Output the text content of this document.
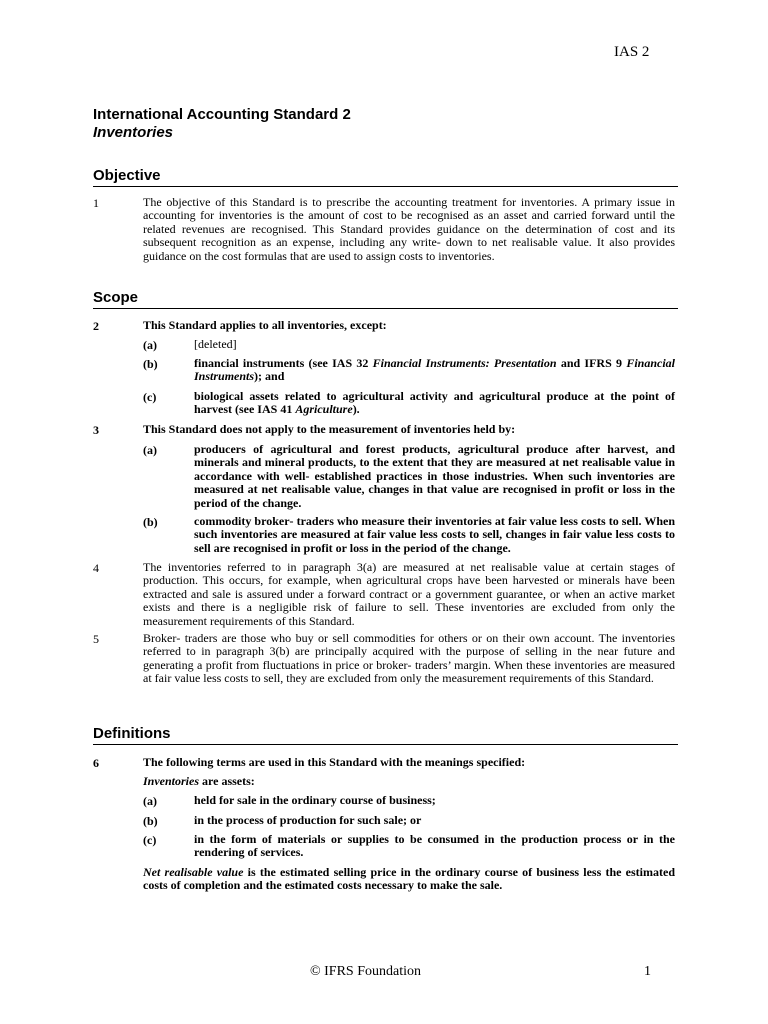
IAS 2
International Accounting Standard 2
Inventories
Objective
1	The objective of this Standard is to prescribe the accounting treatment for inventories. A primary issue in accounting for inventories is the amount of cost to be recognised as an asset and carried forward until the related revenues are recognised. This Standard provides guidance on the determination of cost and its subsequent recognition as an expense, including any write‑ down to net realisable value. It also provides guidance on the cost formulas that are used to assign costs to inventories.
Scope
2	This Standard applies to all inventories, except:
(a)	[deleted]
(b)	financial instruments (see IAS 32 Financial Instruments: Presentation and IFRS 9 Financial Instruments); and
(c)	biological assets related to agricultural activity and agricultural produce at the point of harvest (see IAS 41 Agriculture).
3	This Standard does not apply to the measurement of inventories held by:
(a)	producers of agricultural and forest products, agricultural produce after harvest, and minerals and mineral products, to the extent that they are measured at net realisable value in accordance with well‑ established practices in those industries. When such inventories are measured at net realisable value, changes in that value are recognised in profit or loss in the period of the change.
(b)	commodity broker‑ traders who measure their inventories at fair value less costs to sell. When such inventories are measured at fair value less costs to sell, changes in fair value less costs to sell are recognised in profit or loss in the period of the change.
4	The inventories referred to in paragraph 3(a) are measured at net realisable value at certain stages of production. This occurs, for example, when agricultural crops have been harvested or minerals have been extracted and sale is assured under a forward contract or a government guarantee, or when an active market exists and there is a negligible risk of failure to sell. These inventories are excluded from only the measurement requirements of this Standard.
5	Broker‑ traders are those who buy or sell commodities for others or on their own account. The inventories referred to in paragraph 3(b) are principally acquired with the purpose of selling in the near future and generating a profit from fluctuations in price or broker‑ traders’ margin. When these inventories are measured at fair value less costs to sell, they are excluded from only the measurement requirements of this Standard.
Definitions
6	The following terms are used in this Standard with the meanings specified:
Inventories are assets:
(a)	held for sale in the ordinary course of business;
(b)	in the process of production for such sale; or
(c)	in the form of materials or supplies to be consumed in the production process or in the rendering of services.
Net realisable value is the estimated selling price in the ordinary course of business less the estimated costs of completion and the estimated costs necessary to make the sale.
© IFRS Foundation	1
